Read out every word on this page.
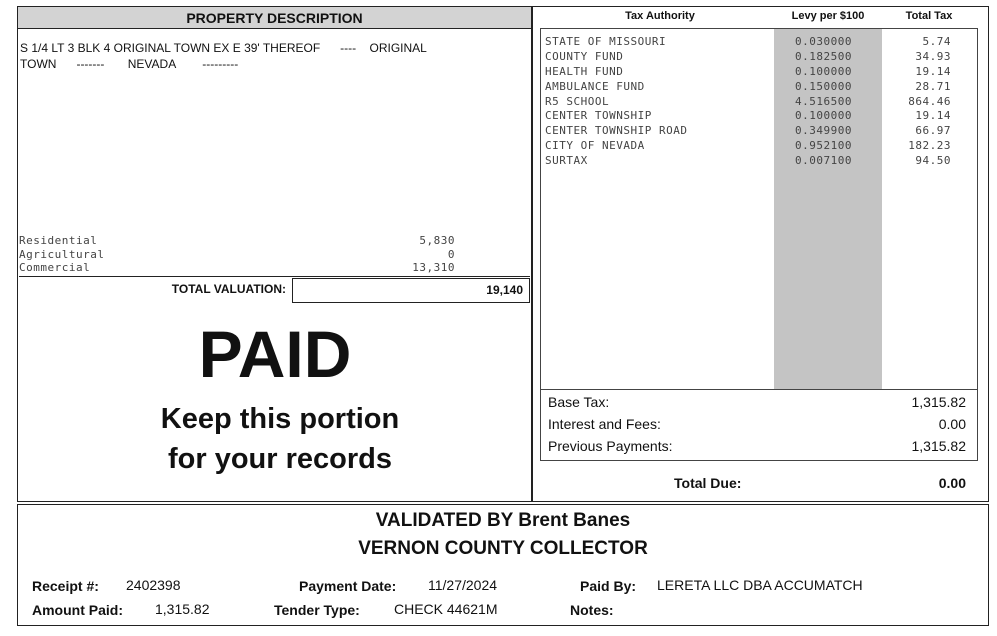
PROPERTY DESCRIPTION
S 1/4 LT 3 BLK 4 ORIGINAL TOWN EX E 39' THEREOF      ----    ORIGINAL
TOWN      -------       NEVADA        ---------
Residential	5,830
Agricultural	0
Commercial	13,310
TOTAL VALUATION:	19,140
PAID
Keep this portion
for your records
Tax Authority	Levy per $100	Total Tax
STATE OF MISSOURI	0.030000	5.74
COUNTY FUND	0.182500	34.93
HEALTH FUND	0.100000	19.14
AMBULANCE FUND	0.150000	28.71
R5 SCHOOL	4.516500	864.46
CENTER TOWNSHIP	0.100000	19.14
CENTER TOWNSHIP ROAD	0.349900	66.97
CITY OF NEVADA	0.952100	182.23
SURTAX	0.007100	94.50
Base Tax:	1,315.82
Interest and Fees:	0.00
Previous Payments:	1,315.82
Total Due:	0.00
VALIDATED BY Brent Banes
VERNON COUNTY COLLECTOR
Receipt #: 2402398
Amount Paid: 1,315.82
Payment Date: 11/27/2024
Tender Type: CHECK 44621M
Paid By: LERETA LLC DBA ACCUMATCH
Notes:
